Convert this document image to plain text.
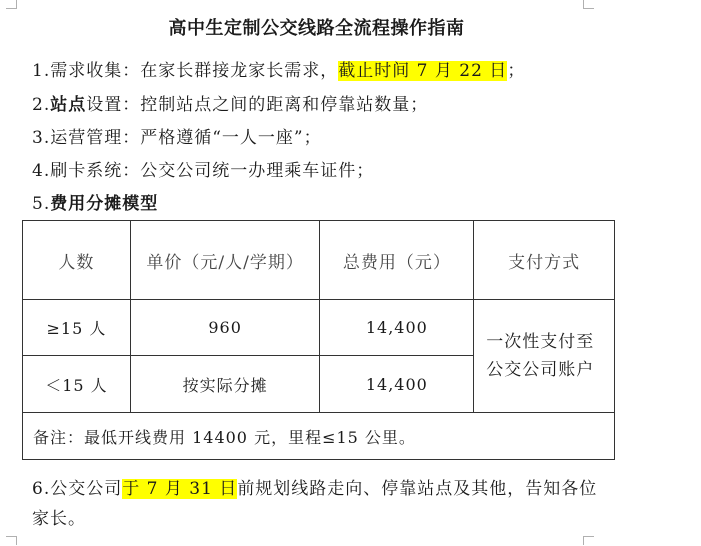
高中生定制公交线路全流程操作指南
1.需求收集：在家长群接龙家长需求，截止时间 7 月 22 日；
2.站点设置：控制站点之间的距离和停靠站数量；
3.运营管理：严格遵循“一人一座”；
4.刷卡系统：公交公司统一办理乘车证件；
5.费用分摊模型
人数	单价（元/人/学期）	总费用（元）	支付方式
≥15 人	960	14,400	一次性支付至公交公司账户
＜15 人	按实际分摊	14,400	
备注：最低开线费用 14400 元，里程≤15 公里。			
6.公交公司于 7 月 31 日前规划线路走向、停靠站点及其他，告知各位家长。
